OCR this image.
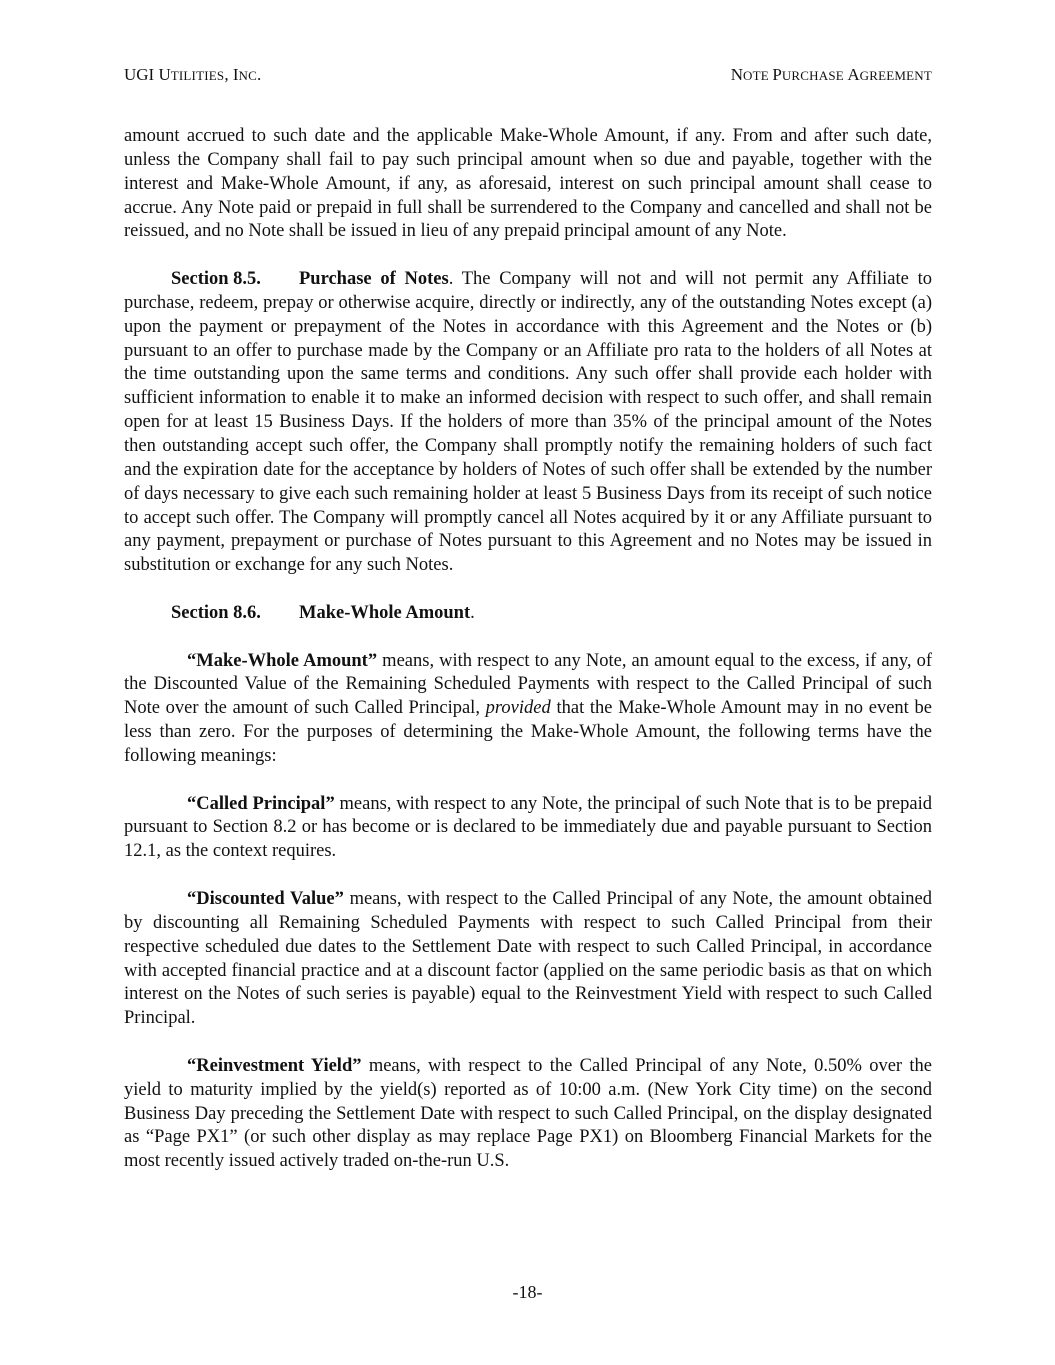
UGI UTILITIES, INC.	NOTE PURCHASE AGREEMENT

amount accrued to such date and the applicable Make-Whole Amount, if any. From and after such date, unless the Company shall fail to pay such principal amount when so due and payable, together with the interest and Make-Whole Amount, if any, as aforesaid, interest on such principal amount shall cease to accrue. Any Note paid or prepaid in full shall be surrendered to the Company and cancelled and shall not be reissued, and no Note shall be issued in lieu of any prepaid principal amount of any Note.

Section 8.5. Purchase of Notes. The Company will not and will not permit any Affiliate to purchase, redeem, prepay or otherwise acquire, directly or indirectly, any of the outstanding Notes except (a) upon the payment or prepayment of the Notes in accordance with this Agreement and the Notes or (b) pursuant to an offer to purchase made by the Company or an Affiliate pro rata to the holders of all Notes at the time outstanding upon the same terms and conditions. Any such offer shall provide each holder with sufficient information to enable it to make an informed decision with respect to such offer, and shall remain open for at least 15 Business Days. If the holders of more than 35% of the principal amount of the Notes then outstanding accept such offer, the Company shall promptly notify the remaining holders of such fact and the expiration date for the acceptance by holders of Notes of such offer shall be extended by the number of days necessary to give each such remaining holder at least 5 Business Days from its receipt of such notice to accept such offer. The Company will promptly cancel all Notes acquired by it or any Affiliate pursuant to any payment, prepayment or purchase of Notes pursuant to this Agreement and no Notes may be issued in substitution or exchange for any such Notes.

Section 8.6. Make-Whole Amount.

“Make-Whole Amount” means, with respect to any Note, an amount equal to the excess, if any, of the Discounted Value of the Remaining Scheduled Payments with respect to the Called Principal of such Note over the amount of such Called Principal, provided that the Make-Whole Amount may in no event be less than zero. For the purposes of determining the Make-Whole Amount, the following terms have the following meanings:

“Called Principal” means, with respect to any Note, the principal of such Note that is to be prepaid pursuant to Section 8.2 or has become or is declared to be immediately due and payable pursuant to Section 12.1, as the context requires.

“Discounted Value” means, with respect to the Called Principal of any Note, the amount obtained by discounting all Remaining Scheduled Payments with respect to such Called Principal from their respective scheduled due dates to the Settlement Date with respect to such Called Principal, in accordance with accepted financial practice and at a discount factor (applied on the same periodic basis as that on which interest on the Notes of such series is payable) equal to the Reinvestment Yield with respect to such Called Principal.

“Reinvestment Yield” means, with respect to the Called Principal of any Note, 0.50% over the yield to maturity implied by the yield(s) reported as of 10:00 a.m. (New York City time) on the second Business Day preceding the Settlement Date with respect to such Called Principal, on the display designated as “Page PX1” (or such other display as may replace Page PX1) on Bloomberg Financial Markets for the most recently issued actively traded on-the-run U.S.

-18-
